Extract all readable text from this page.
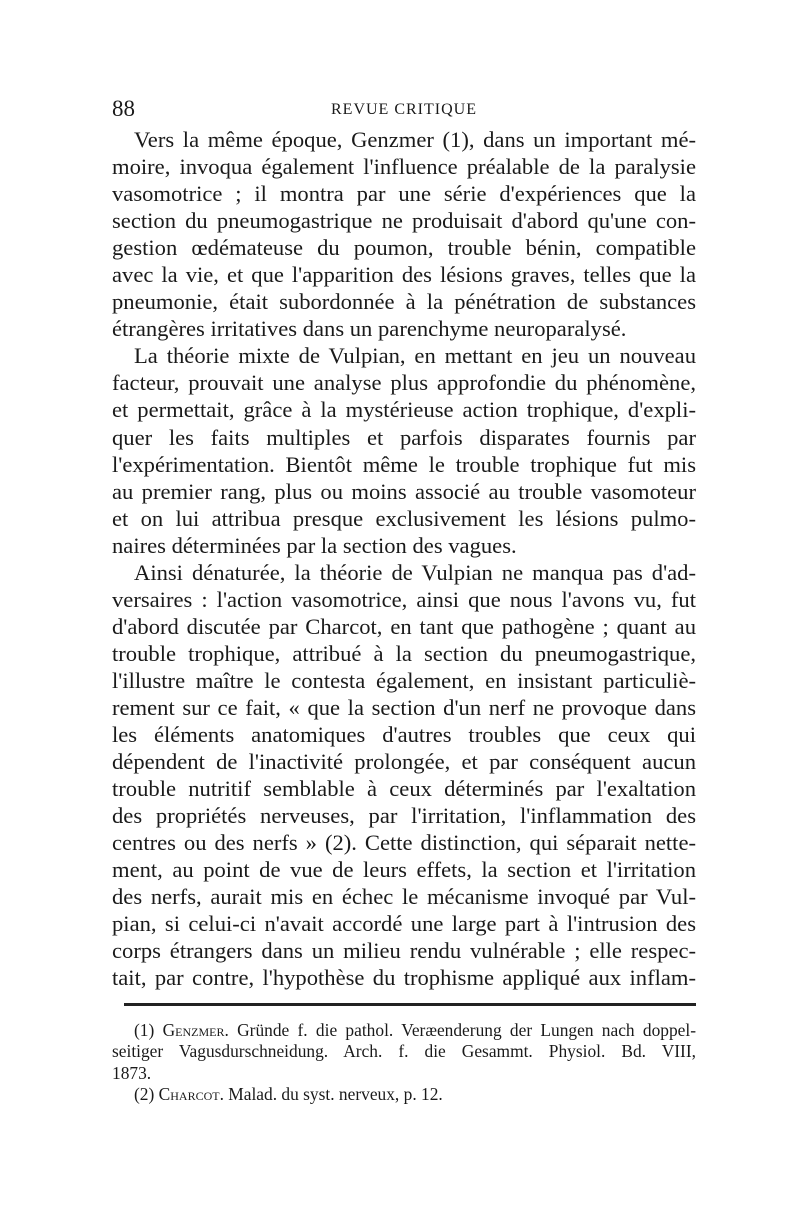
88	REVUE CRITIQUE
Vers la même époque, Genzmer (1), dans un important mé-
moire, invoqua également l'influence préalable de la paralysie
vasomotrice ; il montra par une série d'expériences que la
section du pneumogastrique ne produisait d'abord qu'une con-
gestion œdémateuse du poumon, trouble bénin, compatible
avec la vie, et que l'apparition des lésions graves, telles que la
pneumonie, était subordonnée à la pénétration de substances
étrangères irritatives dans un parenchyme neuroparalysé.
La théorie mixte de Vulpian, en mettant en jeu un nouveau
facteur, prouvait une analyse plus approfondie du phénomène,
et permettait, grâce à la mystérieuse action trophique, d'expli-
quer les faits multiples et parfois disparates fournis par
l'expérimentation. Bientôt même le trouble trophique fut mis
au premier rang, plus ou moins associé au trouble vasomoteur
et on lui attribua presque exclusivement les lésions pulmo-
naires déterminées par la section des vagues.
Ainsi dénaturée, la théorie de Vulpian ne manqua pas d'ad-
versaires : l'action vasomotrice, ainsi que nous l'avons vu, fut
d'abord discutée par Charcot, en tant que pathogène ; quant au
trouble trophique, attribué à la section du pneumogastrique,
l'illustre maître le contesta également, en insistant particuliè-
rement sur ce fait, « que la section d'un nerf ne provoque dans
les éléments anatomiques d'autres troubles que ceux qui
dépendent de l'inactivité prolongée, et par conséquent aucun
trouble nutritif semblable à ceux déterminés par l'exaltation
des propriétés nerveuses, par l'irritation, l'inflammation des
centres ou des nerfs » (2). Cette distinction, qui séparait nette-
ment, au point de vue de leurs effets, la section et l'irritation
des nerfs, aurait mis en échec le mécanisme invoqué par Vul-
pian, si celui-ci n'avait accordé une large part à l'intrusion des
corps étrangers dans un milieu rendu vulnérable ; elle respec-
tait, par contre, l'hypothèse du trophisme appliqué aux inflam-
(1) Genzmer. Gründe f. die pathol. Veræenderung der Lungen nach doppel-
seitiger Vagusdurschneidung. Arch. f. die Gesammt. Physiol. Bd. VIII,
1873.
(2) Charcot. Malad. du syst. nerveux, p. 12.
